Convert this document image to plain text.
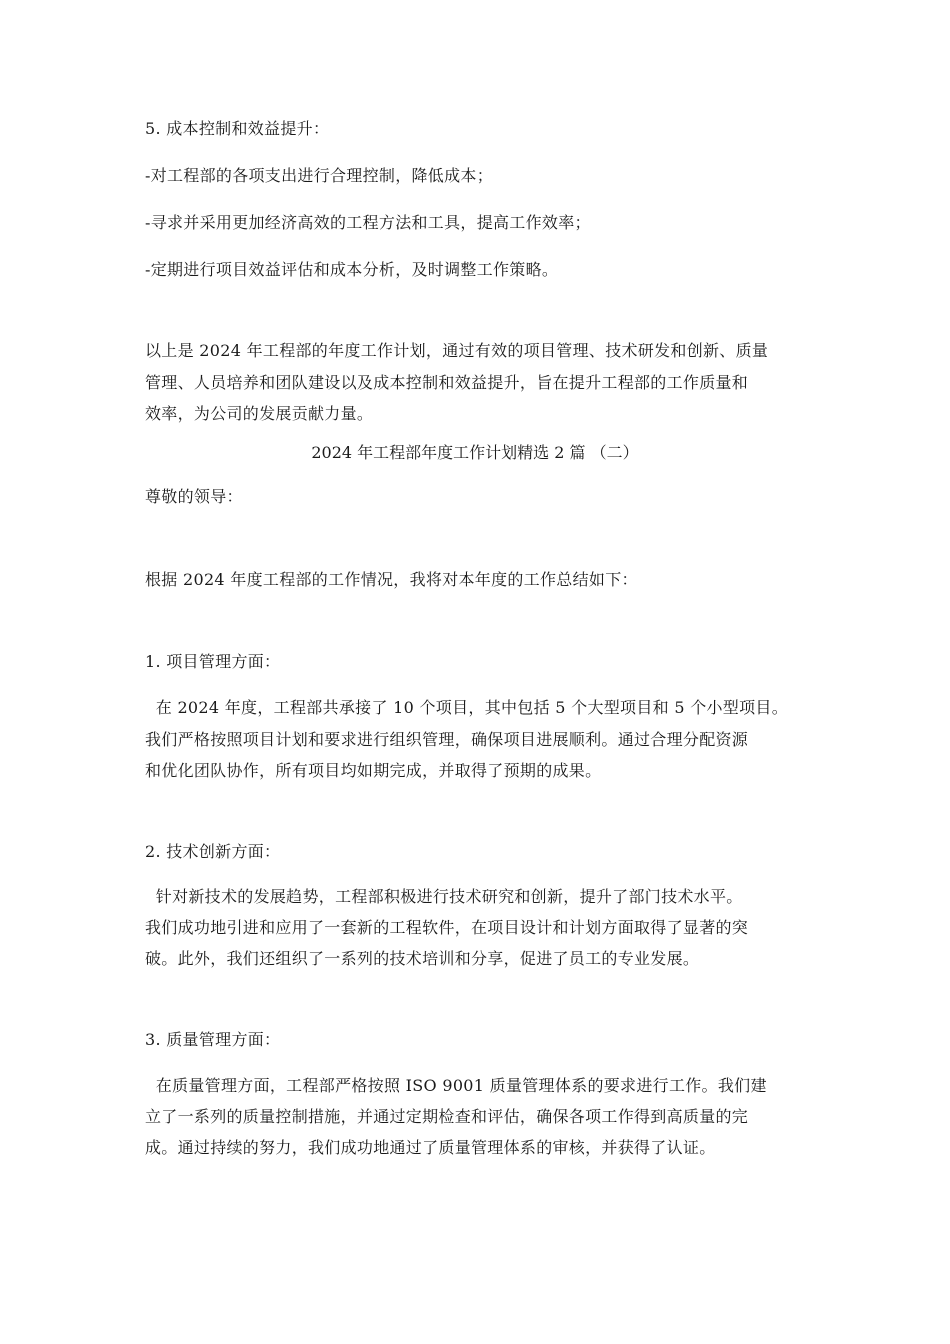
5. 成本控制和效益提升：
-对工程部的各项支出进行合理控制，降低成本；
-寻求并采用更加经济高效的工程方法和工具，提高工作效率；
-定期进行项目效益评估和成本分析，及时调整工作策略。
以上是 2024 年工程部的年度工作计划，通过有效的项目管理、技术研发和创新、质量
管理、人员培养和团队建设以及成本控制和效益提升，旨在提升工程部的工作质量和
效率，为公司的发展贡献力量。
2024 年工程部年度工作计划精选 2 篇 （二）
尊敬的领导：
根据 2024 年度工程部的工作情况，我将对本年度的工作总结如下：
1. 项目管理方面：
在 2024 年度，工程部共承接了 10 个项目，其中包括 5 个大型项目和 5 个小型项目。
我们严格按照项目计划和要求进行组织管理，确保项目进展顺利。通过合理分配资源
和优化团队协作，所有项目均如期完成，并取得了预期的成果。
2. 技术创新方面：
针对新技术的发展趋势，工程部积极进行技术研究和创新，提升了部门技术水平。
我们成功地引进和应用了一套新的工程软件，在项目设计和计划方面取得了显著的突
破。此外，我们还组织了一系列的技术培训和分享，促进了员工的专业发展。
3. 质量管理方面：
在质量管理方面，工程部严格按照 ISO 9001 质量管理体系的要求进行工作。我们建
立了一系列的质量控制措施，并通过定期检查和评估，确保各项工作得到高质量的完
成。通过持续的努力，我们成功地通过了质量管理体系的审核，并获得了认证。
